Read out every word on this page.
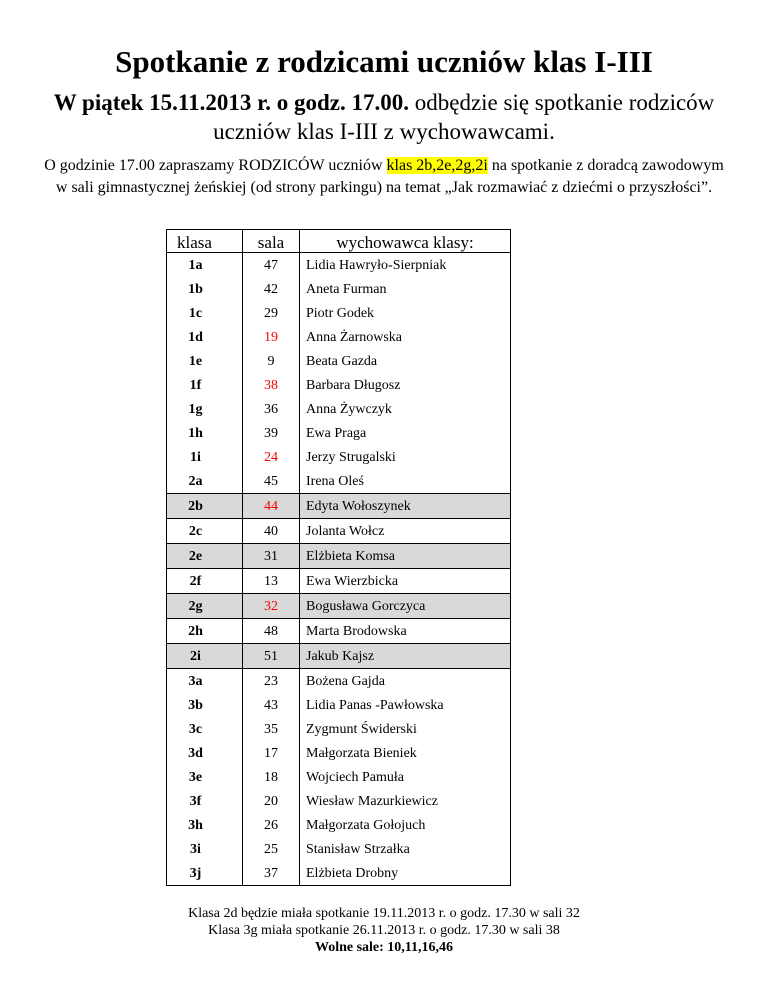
Spotkanie z rodzicami uczniów klas I-III
W piątek 15.11.2013 r. o godz. 17.00. odbędzie się spotkanie rodziców uczniów klas I-III z wychowawcami.
O godzinie 17.00 zapraszamy RODZICÓW uczniów klas 2b,2e,2g,2i na spotkanie z doradcą zawodowym w sali gimnastycznej żeńskiej (od strony parkingu) na temat „Jak rozmawiać z dziećmi o przyszłości”.
klasa	sala	wychowawca klasy:
1a	47	Lidia Hawryło-Sierpniak
1b	42	Aneta Furman
1c	29	Piotr Godek
1d	19	Anna Żarnowska
1e	9	Beata Gazda
1f	38	Barbara Długosz
1g	36	Anna Żywczyk
1h	39	Ewa Praga
1i	24	Jerzy Strugalski
2a	45	Irena Oleś
2b	44	Edyta Wołoszynek
2c	40	Jolanta Wołcz
2e	31	Elżbieta Komsa
2f	13	Ewa Wierzbicka
2g	32	Bogusława Gorczyca
2h	48	Marta Brodowska
2i	51	Jakub Kajsz
3a	23	Bożena Gajda
3b	43	Lidia Panas -Pawłowska
3c	35	Zygmunt Świderski
3d	17	Małgorzata Bieniek
3e	18	Wojciech Pamuła
3f	20	Wiesław Mazurkiewicz
3h	26	Małgorzata Gołojuch
3i	25	Stanisław Strzałka
3j	37	Elżbieta Drobny
Klasa 2d będzie miała spotkanie 19.11.2013 r. o godz. 17.30 w sali 32
Klasa 3g miała spotkanie 26.11.2013 r. o godz. 17.30 w sali 38
Wolne sale: 10,11,16,46
